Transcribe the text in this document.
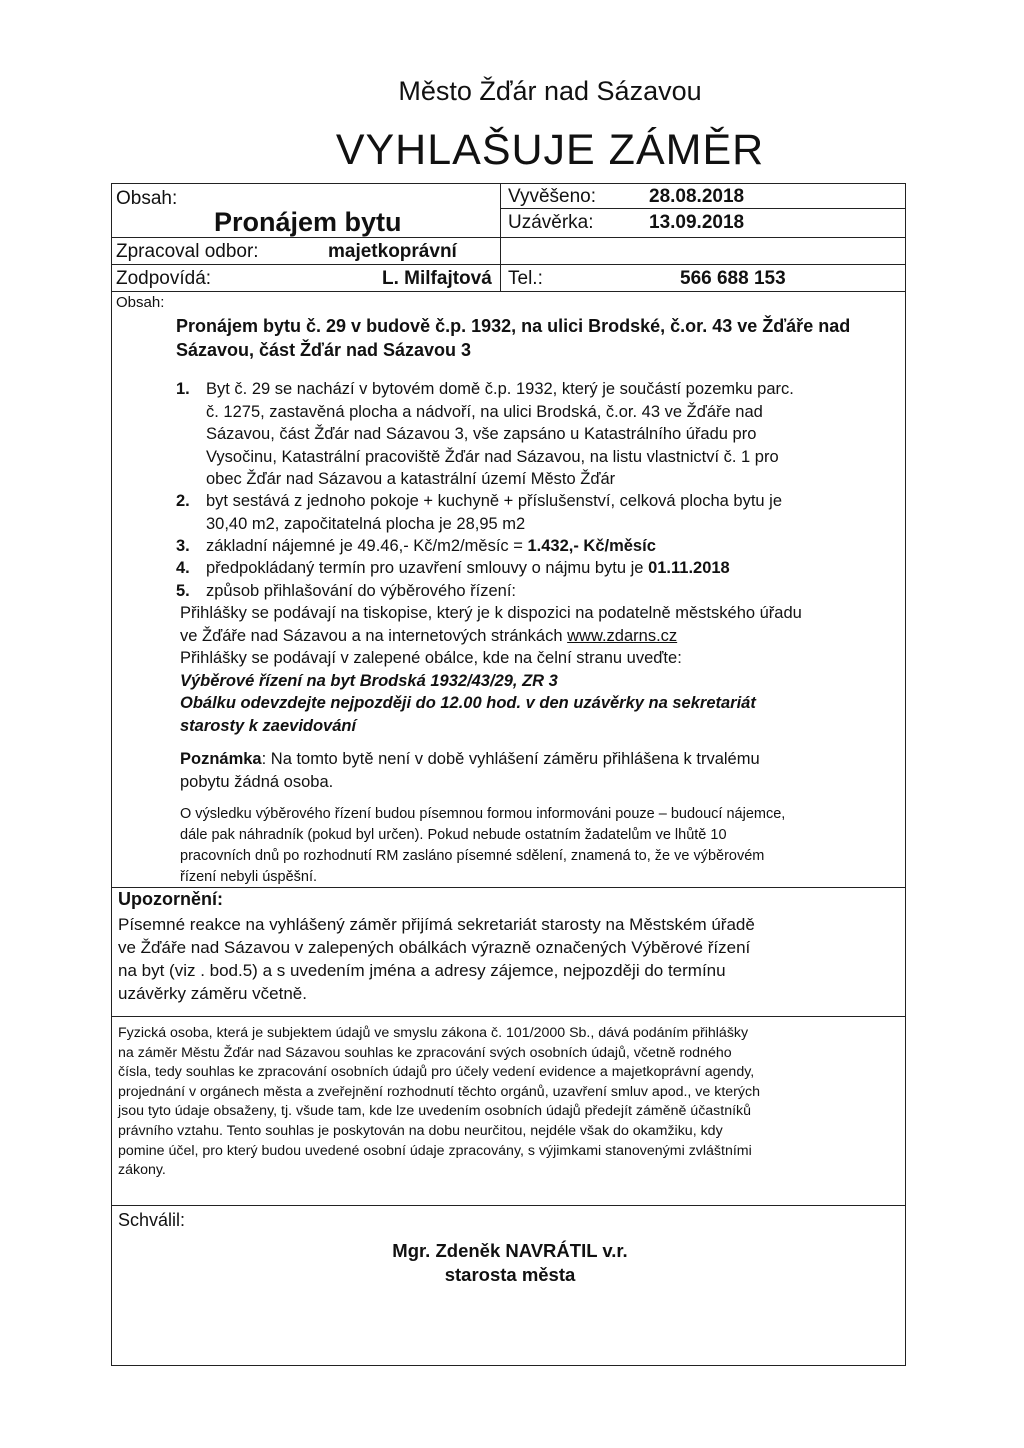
Město Žďár nad Sázavou
VYHLAŠUJE ZÁMĚR
Obsah:
Pronájem bytu
Vyvěšeno:	28.08.2018
Uzávěrka:	13.09.2018
Zpracoval odbor:	majetkoprávní
Zodpovídá:	L. Milfajtová Tel.:	566 688 153
Obsah:
Pronájem bytu č. 29 v budově č.p. 1932, na ulici Brodské, č.or. 43 ve Žďáře nad
Sázavou, část Žďár nad Sázavou 3
1. Byt č. 29 se nachází v bytovém domě č.p. 1932, který je součástí pozemku parc.
č. 1275, zastavěná plocha a nádvoří, na ulici Brodská, č.or. 43 ve Žďáře nad
Sázavou, část Žďár nad Sázavou 3, vše zapsáno u Katastrálního úřadu pro
Vysočinu, Katastrální pracoviště Žďár nad Sázavou, na listu vlastnictví č. 1 pro
obec Žďár nad Sázavou a katastrální území Město Žďár
2. byt sestává z jednoho pokoje + kuchyně + příslušenství, celková plocha bytu je
30,40 m2, započitatelná plocha je 28,95 m2
3. základní nájemné je 49.46,- Kč/m2/měsíc = 1.432,- Kč/měsíc
4. předpokládaný termín pro uzavření smlouvy o nájmu bytu je 01.11.2018
5. způsob přihlašování do výběrového řízení:
Přihlášky se podávají na tiskopise, který je k dispozici na podatelně městského úřadu
ve Žďáře nad Sázavou a na internetových stránkách www.zdarns.cz
Přihlášky se podávají v zalepené obálce, kde na čelní stranu uveďte:
Výběrové řízení na byt Brodská 1932/43/29, ZR 3
Obálku odevzdejte nejpozději do 12.00 hod. v den uzávěrky na sekretariát
starosty k zaevidování
Poznámka: Na tomto bytě není v době vyhlášení záměru přihlášena k trvalému
pobytu žádná osoba.
O výsledku výběrového řízení budou písemnou formou informováni pouze – budoucí nájemce,
dále pak náhradník (pokud byl určen). Pokud nebude ostatním žadatelům ve lhůtě 10
pracovních dnů po rozhodnutí RM zasláno písemné sdělení, znamená to, že ve výběrovém
řízení nebyli úspěšní.
Upozornění:
Písemné reakce na vyhlášený záměr přijímá sekretariát starosty na Městském úřadě
ve Žďáře nad Sázavou v zalepených obálkách výrazně označených Výběrové řízení
na byt (viz . bod.5) a s uvedením jména a adresy zájemce, nejpozději do termínu
uzávěrky záměru včetně.
Fyzická osoba, která je subjektem údajů ve smyslu zákona č. 101/2000 Sb., dává podáním přihlášky
na záměr Městu Žďár nad Sázavou souhlas ke zpracování svých osobních údajů, včetně rodného
čísla, tedy souhlas ke zpracování osobních údajů pro účely vedení evidence a majetkoprávní agendy,
projednání v orgánech města a zveřejnění rozhodnutí těchto orgánů, uzavření smluv apod., ve kterých
jsou tyto údaje obsaženy, tj. všude tam, kde lze uvedením osobních údajů předejít záměně účastníků
právního vztahu. Tento souhlas je poskytován na dobu neurčitou, nejdéle však do okamžiku, kdy
pomine účel, pro který budou uvedené osobní údaje zpracovány, s výjimkami stanovenými zvláštními
zákony.
Schválil:
Mgr. Zdeněk NAVRÁTIL v.r.
starosta města
